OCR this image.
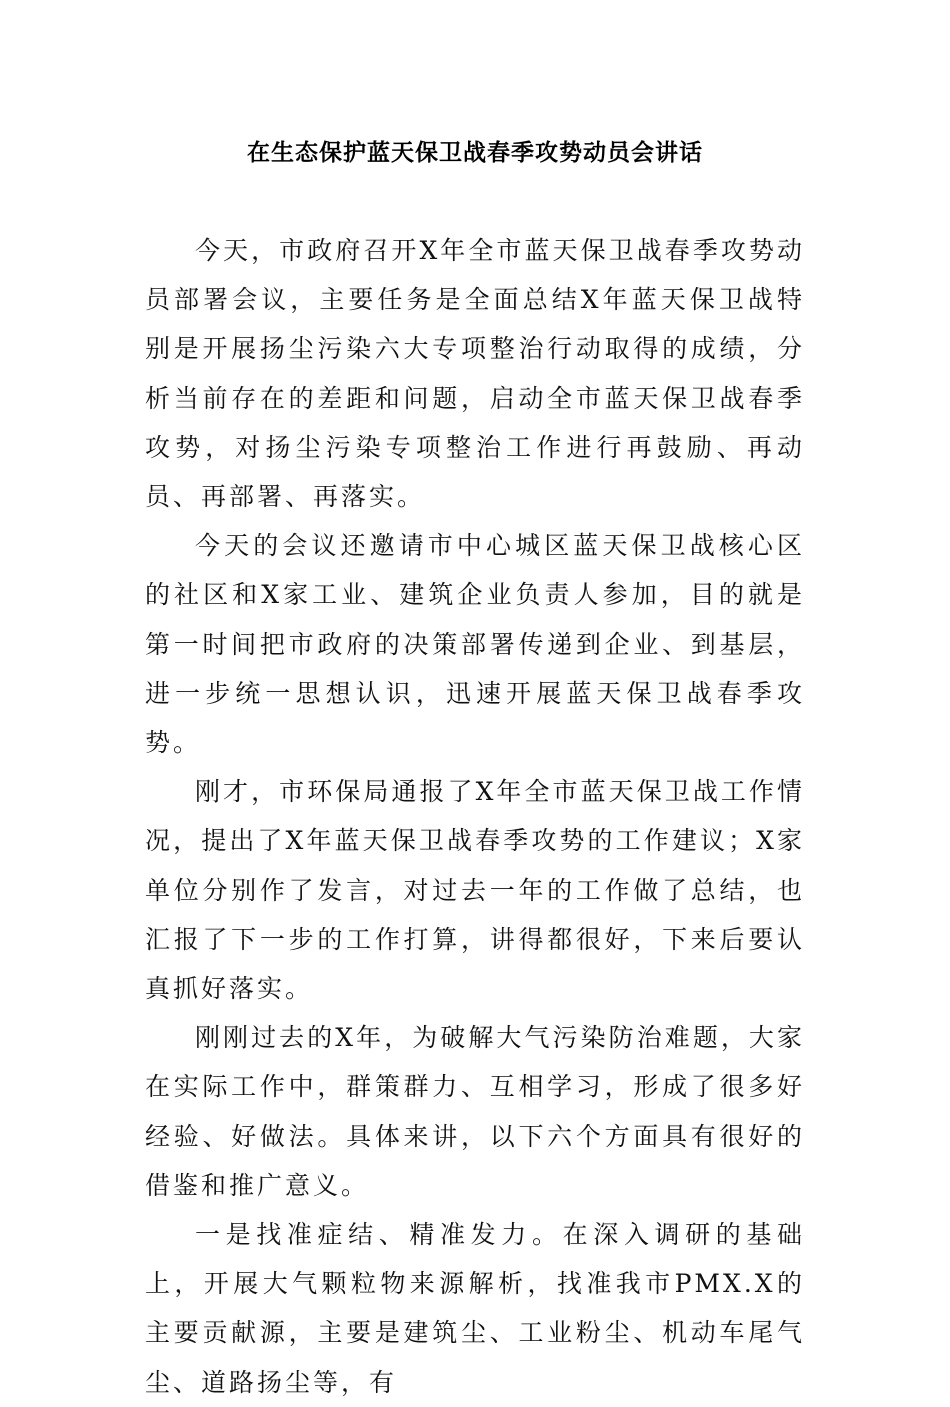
在生态保护蓝天保卫战春季攻势动员会讲话

今天，市政府召开X年全市蓝天保卫战春季攻势动员部署会议，主要任务是全面总结X年蓝天保卫战特别是开展扬尘污染六大专项整治行动取得的成绩，分析当前存在的差距和问题，启动全市蓝天保卫战春季攻势，对扬尘污染专项整治工作进行再鼓励、再动员、再部署、再落实。

今天的会议还邀请市中心城区蓝天保卫战核心区的社区和X家工业、建筑企业负责人参加，目的就是第一时间把市政府的决策部署传递到企业、到基层，进一步统一思想认识，迅速开展蓝天保卫战春季攻势。

刚才，市环保局通报了X年全市蓝天保卫战工作情况，提出了X年蓝天保卫战春季攻势的工作建议；X家单位分别作了发言，对过去一年的工作做了总结，也汇报了下一步的工作打算，讲得都很好，下来后要认真抓好落实。

刚刚过去的X年，为破解大气污染防治难题，大家在实际工作中，群策群力、互相学习，形成了很多好经验、好做法。具体来讲，以下六个方面具有很好的借鉴和推广意义。

一是找准症结、精准发力。在深入调研的基础上，开展大气颗粒物来源解析，找准我市PMX.X的主要贡献源，主要是建筑尘、工业粉尘、机动车尾气尘、道路扬尘等，有
